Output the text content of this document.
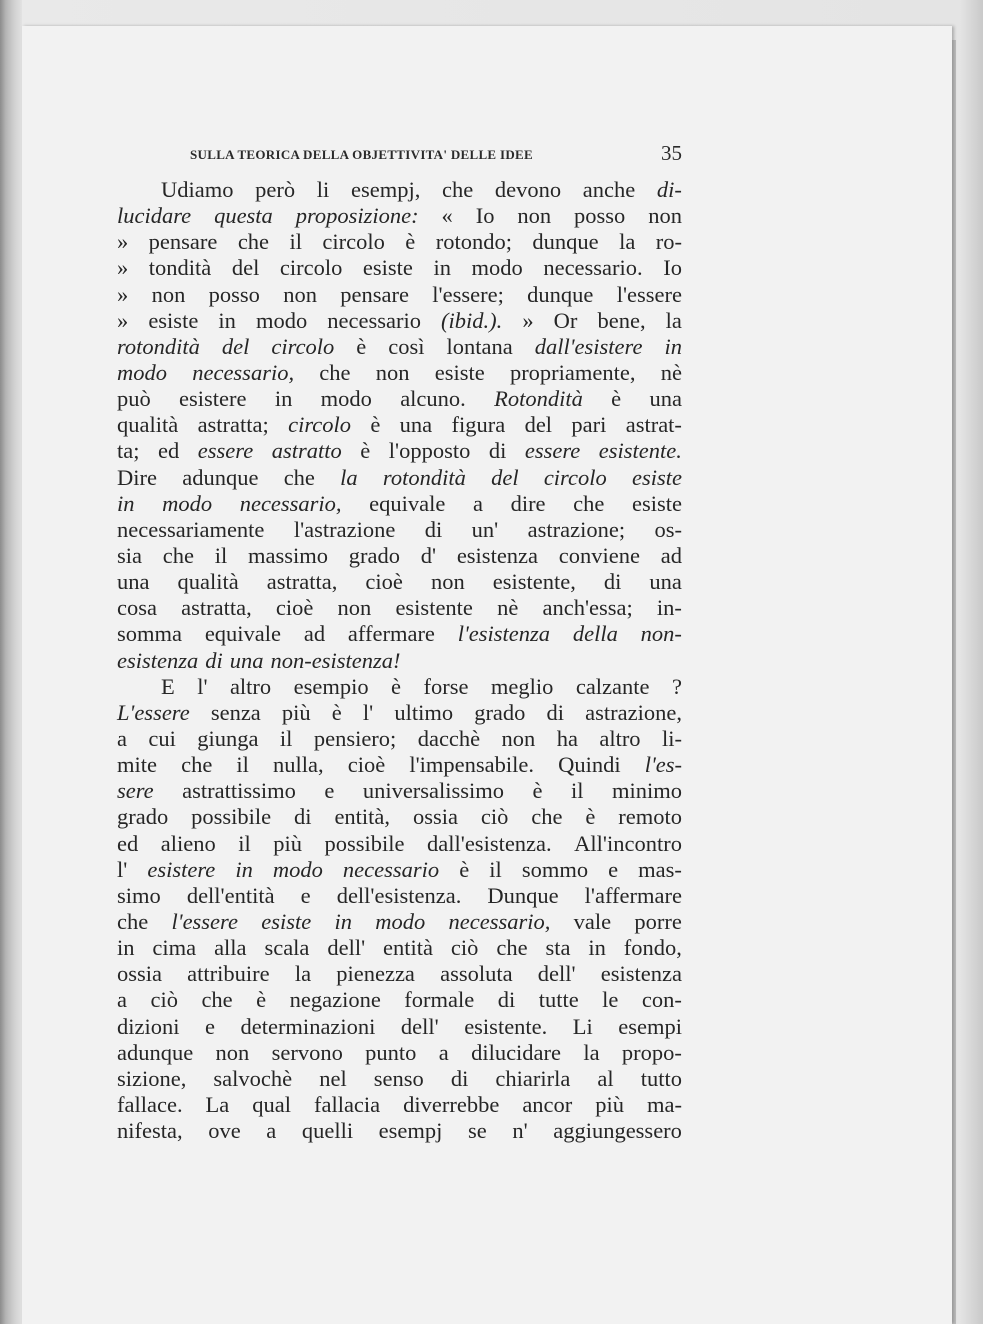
SULLA TEORICA DELLA OBJETTIVITA' DELLE IDEE	35
Udiamo però li esempj, che devono anche di-
lucidare questa proposizione: « Io non posso non
» pensare che il circolo è rotondo; dunque la ro-
» tondità del circolo esiste in modo necessario. Io
» non posso non pensare l'essere; dunque l'essere
» esiste in modo necessario (ibid.). » Or bene, la
rotondità del circolo è così lontana dall'esistere in
modo necessario, che non esiste propriamente, nè
può esistere in modo alcuno. Rotondità è una
qualità astratta; circolo è una figura del pari astrat-
ta; ed essere astratto è l'opposto di essere esistente.
Dire adunque che la rotondità del circolo esiste
in modo necessario, equivale a dire che esiste
necessariamente l'astrazione di un' astrazione; os-
sia che il massimo grado d' esistenza conviene ad
una qualità astratta, cioè non esistente, di una
cosa astratta, cioè non esistente nè anch'essa; in-
somma equivale ad affermare l'esistenza della non-
esistenza di una non-esistenza!
E l' altro esempio è forse meglio calzante ?
L'essere senza più è l' ultimo grado di astrazione,
a cui giunga il pensiero; dacchè non ha altro li-
mite che il nulla, cioè l'impensabile. Quindi l'es-
sere astrattissimo e universalissimo è il minimo
grado possibile di entità, ossia ciò che è remoto
ed alieno il più possibile dall'esistenza. All'incontro
l' esistere in modo necessario è il sommo e mas-
simo dell'entità e dell'esistenza. Dunque l'affermare
che l'essere esiste in modo necessario, vale porre
in cima alla scala dell' entità ciò che sta in fondo,
ossia attribuire la pienezza assoluta dell' esistenza
a ciò che è negazione formale di tutte le con-
dizioni e determinazioni dell' esistente. Li esempi
adunque non servono punto a dilucidare la propo-
sizione, salvochè nel senso di chiarirla al tutto
fallace. La qual fallacia diverrebbe ancor più ma-
nifesta, ove a quelli esempj se n' aggiungessero
